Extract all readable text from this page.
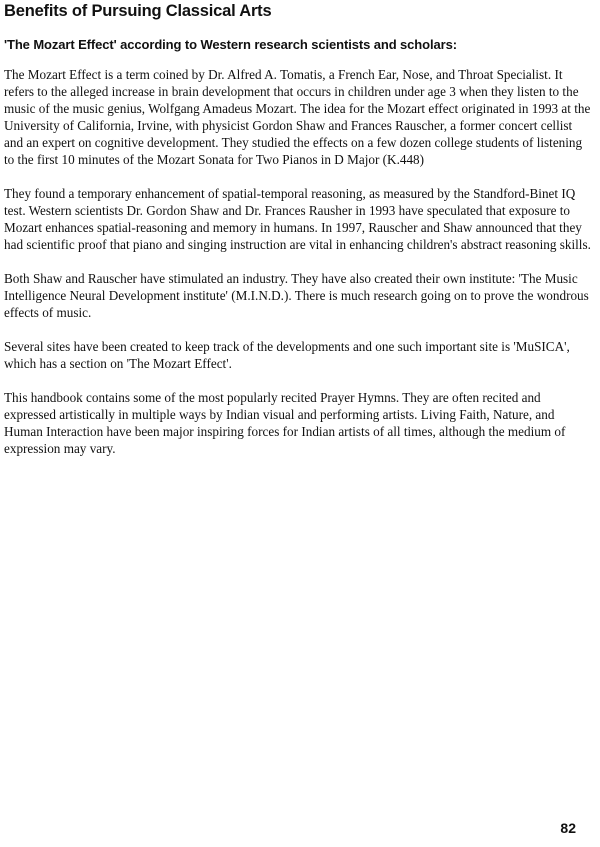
Benefits of Pursuing Classical Arts
'The Mozart Effect' according to Western research scientists and scholars:

The Mozart Effect is a term coined by Dr. Alfred A. Tomatis, a French Ear, Nose, and Throat Specialist. It refers to the alleged increase in brain development that occurs in children under age 3 when they listen to the music of the music genius, Wolfgang Amadeus Mozart. The idea for the Mozart effect originated in 1993 at the University of California, Irvine, with physicist Gordon Shaw and Frances Rauscher, a former concert cellist and an expert on cognitive development. They studied the effects on a few dozen college students of listening to the first 10 minutes of the Mozart Sonata for Two Pianos in D Major (K.448)

They found a temporary enhancement of spatial-temporal reasoning, as measured by the Standford-Binet IQ test. Western scientists Dr. Gordon Shaw and Dr. Frances Rausher in 1993 have speculated that exposure to Mozart enhances spatial-reasoning and memory in humans. In 1997, Rauscher and Shaw announced that they had scientific proof that piano and singing instruction are vital in enhancing children's abstract reasoning skills.

Both Shaw and Rauscher have stimulated an industry. They have also created their own institute: 'The Music Intelligence Neural Development institute' (M.I.N.D.). There is much research going on to prove the wondrous effects of music.

Several sites have been created to keep track of the developments and one such important site is 'MuSICA', which has a section on 'The Mozart Effect'.

This handbook contains some of the most popularly recited Prayer Hymns. They are often recited and expressed artistically in multiple ways by Indian visual and performing artists. Living Faith, Nature, and Human Interaction have been major inspiring forces for Indian artists of all times, although the medium of expression may vary.

82
